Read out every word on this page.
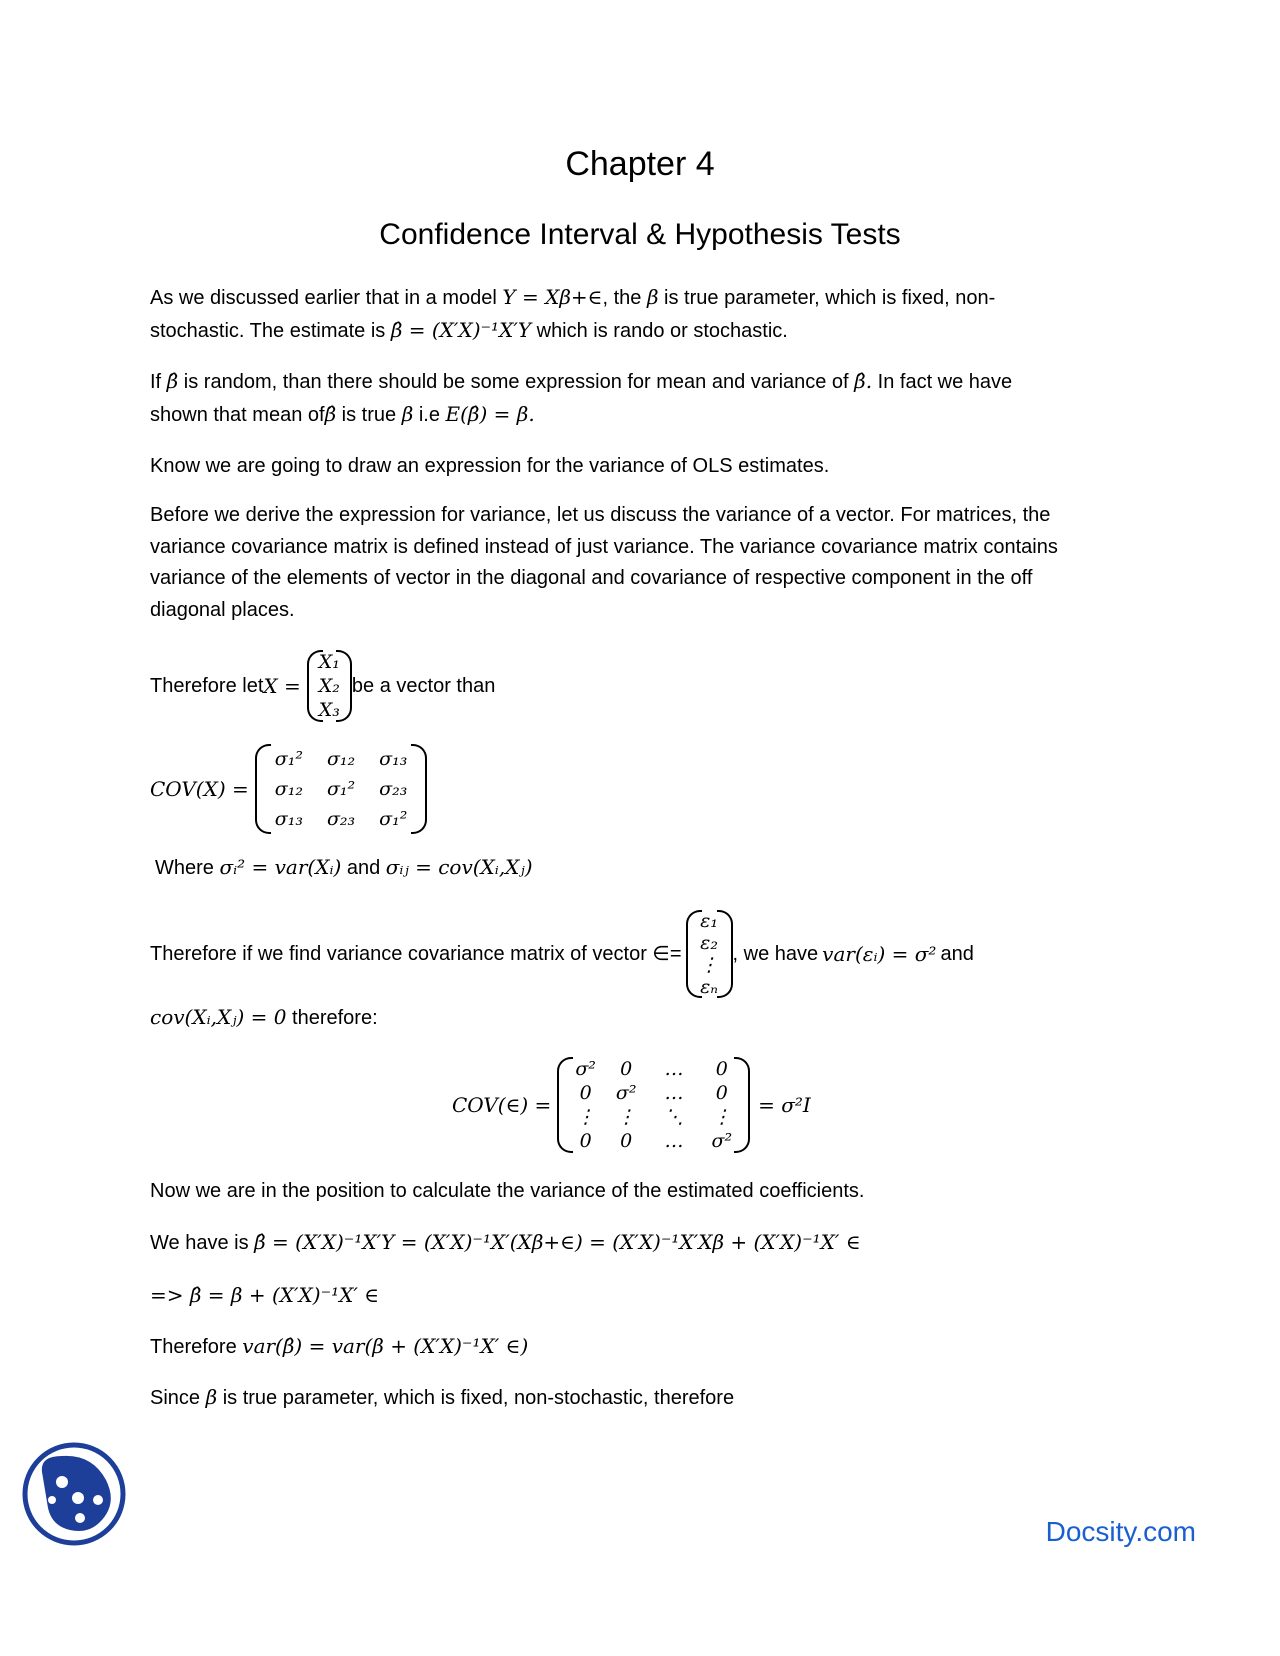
Chapter 4
Confidence Interval & Hypothesis Tests
As we discussed earlier that in a model Y = Xβ+∈, the β is true parameter, which is fixed, non-
stochastic. The estimate is β̂ = (X′X)⁻¹X′Y which is rando or stochastic.
If β̂ is random, than there should be some expression for mean and variance of β̂. In fact we have
shown that mean ofβ̂ is true β i.e E(β̂) = β.
Know we are going to draw an expression for the variance of OLS estimates.
Before we derive the expression for variance, let us discuss the variance of a vector. For matrices, the variance covariance matrix is defined instead of just variance. The variance covariance matrix contains variance of the elements of vector in the diagonal and covariance of respective component in the off diagonal places.
Therefore let X =
X₁
X₂
X₃
be a vector than
COV(X) =
σ₁²	σ₁₂	σ₁₃
σ₁₂	σ₁²	σ₂₃
σ₁₃	σ₂₃	σ₁²
Where σᵢ² = var(Xᵢ) and σᵢⱼ = cov(Xᵢ,Xⱼ)
Therefore if we find variance covariance matrix of vector ∈=
ε₁
ε₂
⋮
εₙ
, we have var(εᵢ) = σ² and
cov(Xᵢ,Xⱼ) = 0 therefore:
COV(∈) =
σ²	0	…	0
0	σ²	…	0
⋮	⋮	⋱	⋮
0	0	…	σ²
= σ²I
Now we are in the position to calculate the variance of the estimated coefficients.
We have is β̂ = (X′X)⁻¹X′Y = (X′X)⁻¹X′(Xβ+∈) = (X′X)⁻¹X′Xβ + (X′X)⁻¹X′ ∈
=> β̂ = β + (X′X)⁻¹X′ ∈
Therefore var(β̂) = var(β + (X′X)⁻¹X′ ∈)
Since β is true parameter, which is fixed, non-stochastic, therefore
Docsity.com
